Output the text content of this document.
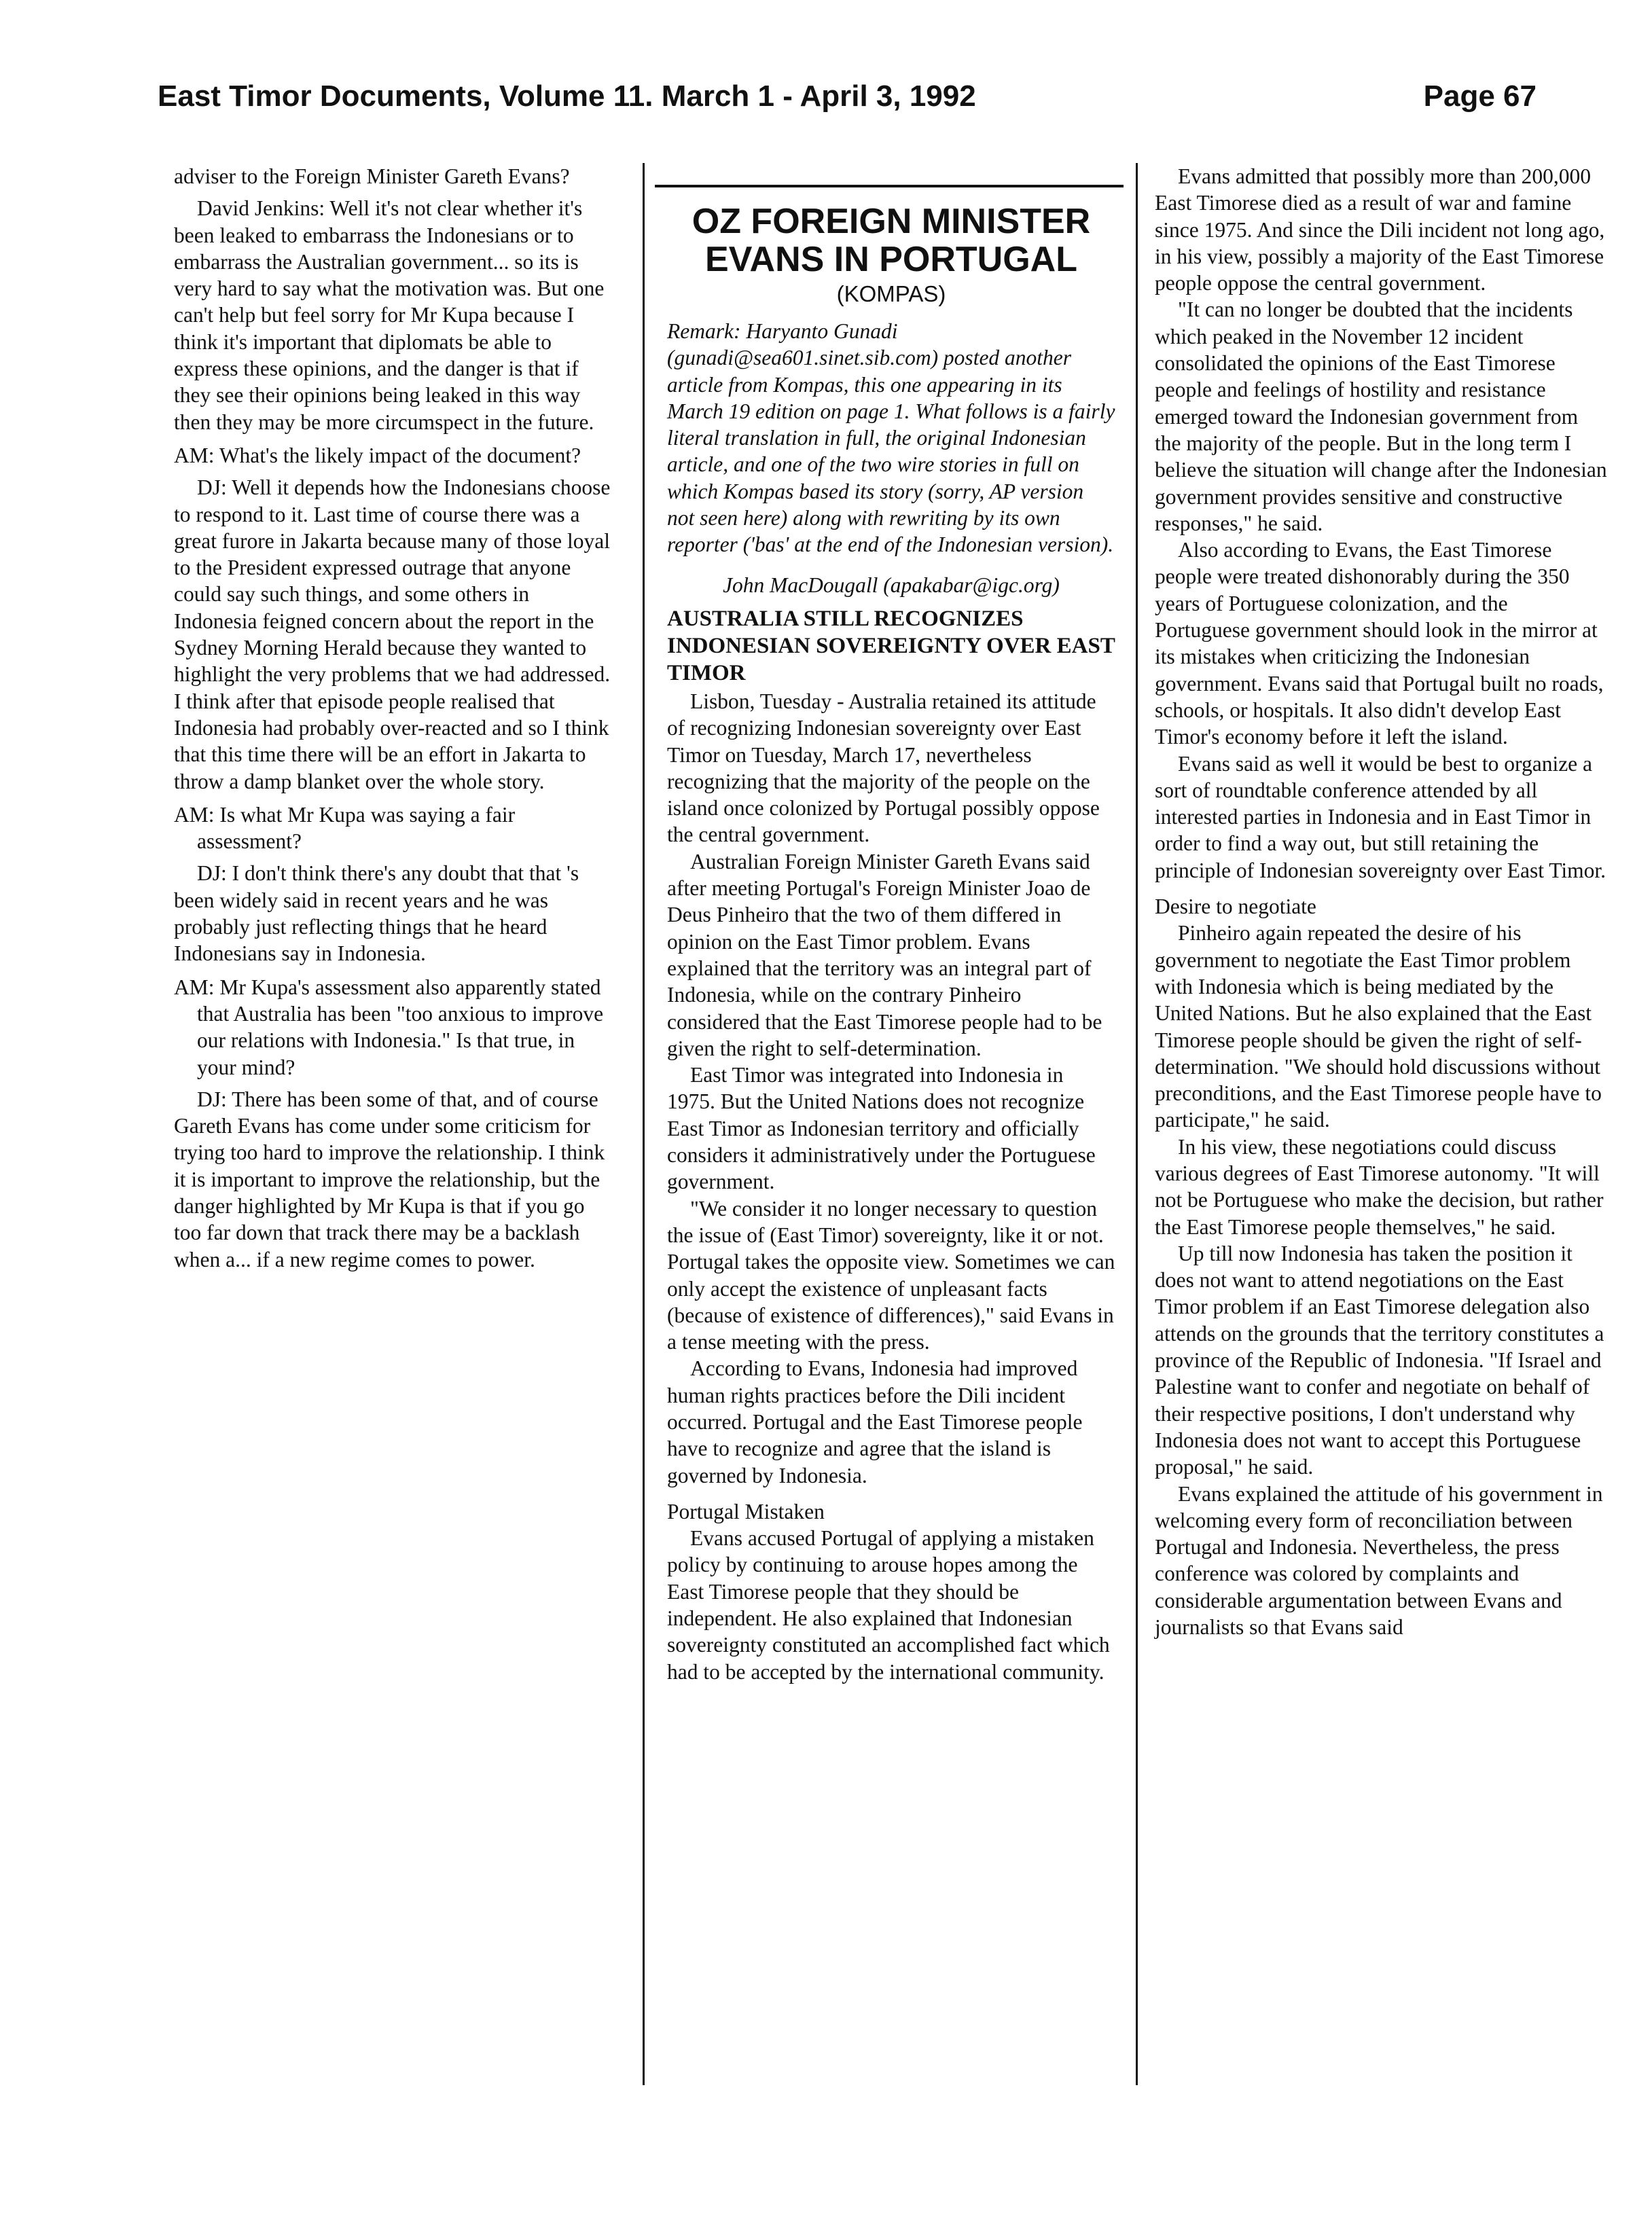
East Timor Documents, Volume 11. March 1 - April 3, 1992	Page 67

adviser to the Foreign Minister Gareth Evans?

David Jenkins: Well it's not clear whether it's been leaked to embarrass the Indonesians or to embarrass the Australian government... so its is very hard to say what the motivation was. But one can't help but feel sorry for Mr Kupa because I think it's important that diplomats be able to express these opinions, and the danger is that if they see their opinions being leaked in this way then they may be more circumspect in the future.

AM: What's the likely impact of the document?

DJ: Well it depends how the Indonesians choose to respond to it. Last time of course there was a great furore in Jakarta because many of those loyal to the President expressed outrage that anyone could say such things, and some others in Indonesia feigned concern about the report in the Sydney Morning Herald because they wanted to highlight the very problems that we had addressed. I think after that episode people realised that Indonesia had probably over-reacted and so I think that this time there will be an effort in Jakarta to throw a damp blanket over the whole story.

AM: Is what Mr Kupa was saying a fair assessment?

DJ: I don't think there's any doubt that that 's been widely said in recent years and he was probably just reflecting things that he heard Indonesians say in Indonesia.

AM: Mr Kupa's assessment also apparently stated that Australia has been "too anxious to improve our relations with Indonesia." Is that true, in your mind?

DJ: There has been some of that, and of course Gareth Evans has come under some criticism for trying too hard to improve the relationship. I think it is important to improve the relationship, but the danger highlighted by Mr Kupa is that if you go too far down that track there may be a backlash when a... if a new regime comes to power.

OZ FOREIGN MINISTER EVANS IN PORTUGAL
(KOMPAS)

Remark: Haryanto Gunadi (gunadi@sea601.sinet.sib.com) posted another article from Kompas, this one appearing in its March 19 edition on page 1. What follows is a fairly literal translation in full, the original Indonesian article, and one of the two wire stories in full on which Kompas based its story (sorry, AP version not seen here) along with rewriting by its own reporter ('bas' at the end of the Indonesian version).

John MacDougall (apakabar@igc.org)

AUSTRALIA STILL RECOGNIZES INDONESIAN SOVEREIGNTY OVER EAST TIMOR

Lisbon, Tuesday - Australia retained its attitude of recognizing Indonesian sovereignty over East Timor on Tuesday, March 17, nevertheless recognizing that the majority of the people on the island once colonized by Portugal possibly oppose the central government.

Australian Foreign Minister Gareth Evans said after meeting Portugal's Foreign Minister Joao de Deus Pinheiro that the two of them differed in opinion on the East Timor problem. Evans explained that the territory was an integral part of Indonesia, while on the contrary Pinheiro considered that the East Timorese people had to be given the right to self-determination.

East Timor was integrated into Indonesia in 1975. But the United Nations does not recognize East Timor as Indonesian territory and officially considers it administratively under the Portuguese government.

"We consider it no longer necessary to question the issue of (East Timor) sovereignty, like it or not. Portugal takes the opposite view. Sometimes we can only accept the existence of unpleasant facts (because of existence of differences)," said Evans in a tense meeting with the press.

According to Evans, Indonesia had improved human rights practices before the Dili incident occurred. Portugal and the East Timorese people have to recognize and agree that the island is governed by Indonesia.

Portugal Mistaken

Evans accused Portugal of applying a mistaken policy by continuing to arouse hopes among the East Timorese people that they should be independent. He also explained that Indonesian sovereignty constituted an accomplished fact which had to be accepted by the international community.

Evans admitted that possibly more than 200,000 East Timorese died as a result of war and famine since 1975. And since the Dili incident not long ago, in his view, possibly a majority of the East Timorese people oppose the central government.

"It can no longer be doubted that the incidents which peaked in the November 12 incident consolidated the opinions of the East Timorese people and feelings of hostility and resistance emerged toward the Indonesian government from the majority of the people. But in the long term I believe the situation will change after the Indonesian government provides sensitive and constructive responses," he said.

Also according to Evans, the East Timorese people were treated dishonorably during the 350 years of Portuguese colonization, and the Portuguese government should look in the mirror at its mistakes when criticizing the Indonesian government. Evans said that Portugal built no roads, schools, or hospitals. It also didn't develop East Timor's economy before it left the island.

Evans said as well it would be best to organize a sort of roundtable conference attended by all interested parties in Indonesia and in East Timor in order to find a way out, but still retaining the principle of Indonesian sovereignty over East Timor.

Desire to negotiate

Pinheiro again repeated the desire of his government to negotiate the East Timor problem with Indonesia which is being mediated by the United Nations. But he also explained that the East Timorese people should be given the right of self-determination. "We should hold discussions without preconditions, and the East Timorese people have to participate," he said.

In his view, these negotiations could discuss various degrees of East Timorese autonomy. "It will not be Portuguese who make the decision, but rather the East Timorese people themselves," he said.

Up till now Indonesia has taken the position it does not want to attend negotiations on the East Timor problem if an East Timorese delegation also attends on the grounds that the territory constitutes a province of the Republic of Indonesia. "If Israel and Palestine want to confer and negotiate on behalf of their respective positions, I don't understand why Indonesia does not want to accept this Portuguese proposal," he said.

Evans explained the attitude of his government in welcoming every form of reconciliation between Portugal and Indonesia. Nevertheless, the press conference was colored by complaints and considerable argumentation between Evans and journalists so that Evans said
